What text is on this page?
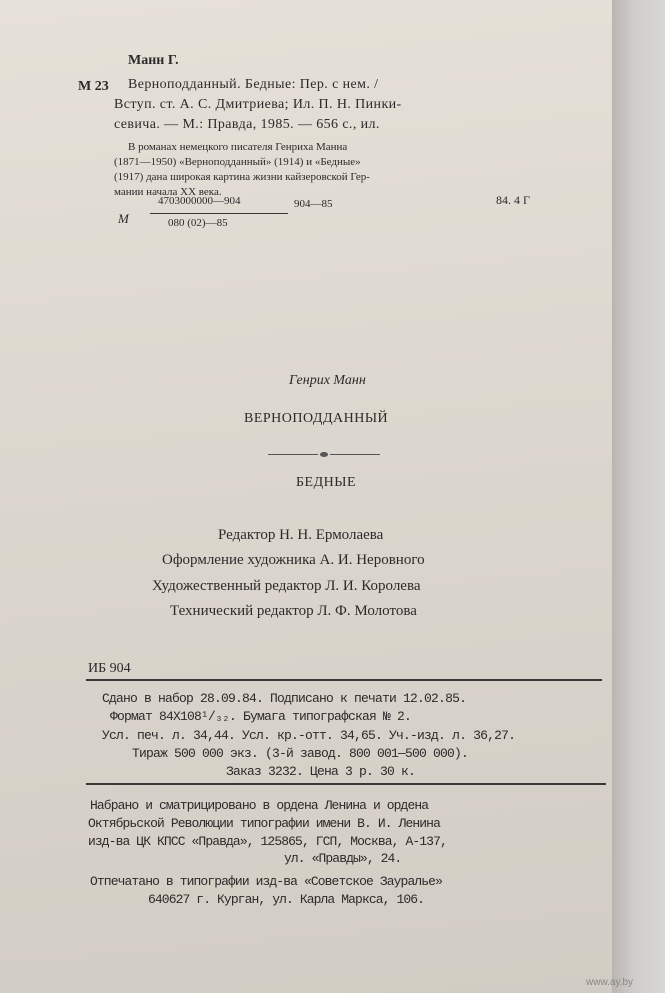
Манн Г.
М 23 Верноподданный. Бедные: Пер. с нем. /
Вступ. ст. А. С. Дмитриева; Ил. П. Н. Пинки-
севича. — М.: Правда, 1985. — 656 с., ил.
В романах немецкого писателя Генриха Манна
(1871—1950) «Верноподданный» (1914) и «Бедные»
(1917) дана широкая картина жизни кайзеровской Гер-
мании начала XX века.
М
4703000000—904
080 (02)—85
904—85	84. 4 Г
Генрих Манн
ВЕРНОПОДДАННЫЙ
БЕДНЫЕ
Редактор Н. Н. Ермолаева
Оформление художника А. И. Неровного
Художественный редактор Л. И. Королева
Технический редактор Л. Ф. Молотова
ИБ 904
Сдано в набор 28.09.84. Подписано к печати 12.02.85.
Формат 84Х108¹/₃₂. Бумага типографская № 2.
Усл. печ. л. 34,44. Усл. кр.-отт. 34,65. Уч.-изд. л. 36,27.
Тираж 500 000 экз. (3-й завод. 800 001—500 000).
Заказ 3232. Цена 3 р. 30 к.
Набрано и сматрицировано в ордена Ленина и ордена
Октябрьской Революции типографии имени В. И. Ленина
изд-ва ЦК КПСС «Правда», 125865, ГСП, Москва, А-137,
ул. «Правды», 24.
Отпечатано в типографии изд-ва «Советское Зауралье»
640627 г. Курган, ул. Карла Маркса, 106.
www.ay.by
